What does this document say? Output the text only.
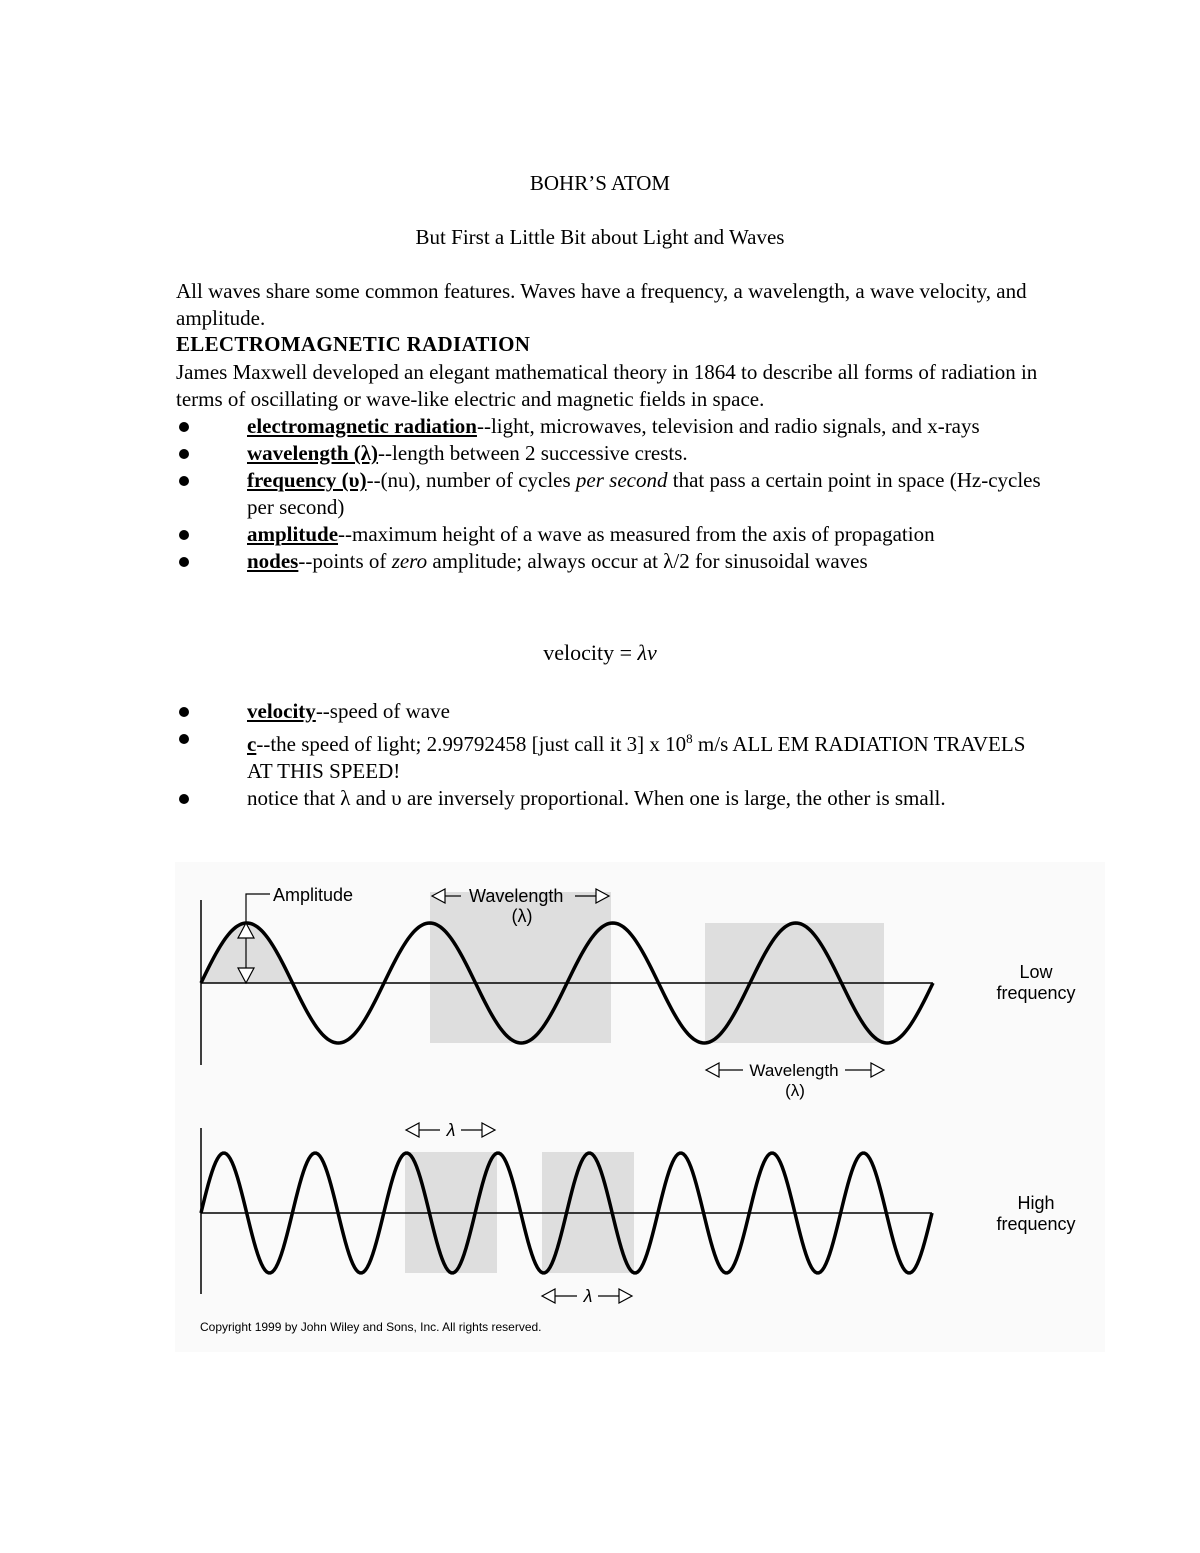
BOHR’S ATOM
But First a Little Bit about Light and Waves
All waves share some common features. Waves have a frequency, a wavelength, a wave velocity, and amplitude.
ELECTROMAGNETIC RADIATION
James Maxwell developed an elegant mathematical theory in 1864 to describe all forms of radiation in terms of oscillating or wave-like electric and magnetic fields in space.
electromagnetic radiation--light, microwaves, television and radio signals, and x-rays
wavelength (λ)--length between 2 successive crests.
frequency (υ)--(nu), number of cycles per second that pass a certain point in space (Hz-cycles per second)
amplitude--maximum height of a wave as measured from the axis of propagation
nodes--points of zero amplitude; always occur at λ/2 for sinusoidal waves
velocity = λν
velocity--speed of wave
c--the speed of light; 2.99792458 [just call it 3] x $10^8$ m/s ALL EM RADIATION TRAVELS AT THIS SPEED!
notice that λ and υ are inversely proportional. When one is large, the other is small.
Amplitude	Wavelength
(λ)
Low
frequency
Wavelength
(λ)
λ
λ
High
frequency
Copyright 1999 by John Wiley and Sons, Inc. All rights reserved.
